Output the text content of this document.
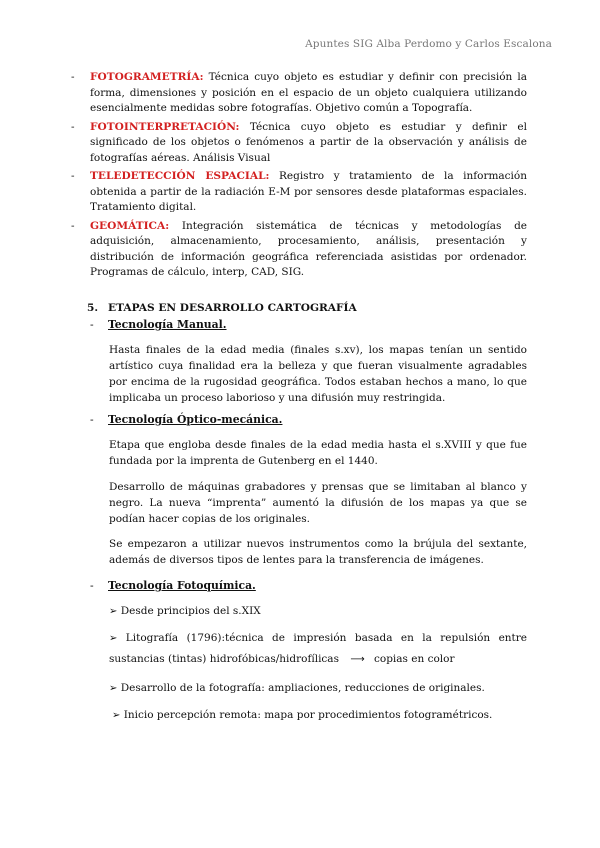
Apuntes SIG Alba Perdomo y Carlos Escalona

- FOTOGRAMETRÍA: Técnica cuyo objeto es estudiar y definir con precisión la forma, dimensiones y posición en el espacio de un objeto cualquiera utilizando esencialmente medidas sobre fotografías. Objetivo común a Topografía.

- FOTOINTERPRETACIÓN: Técnica cuyo objeto es estudiar y definir el significado de los objetos o fenómenos a partir de la observación y análisis de fotografías aéreas. Análisis Visual

- TELEDETECCIÓN ESPACIAL: Registro y tratamiento de la información obtenida a partir de la radiación E-M por sensores desde plataformas espaciales. Tratamiento digital.

- GEOMÁTICA: Integración sistemática de técnicas y metodologías de adquisición, almacenamiento, procesamiento, análisis, presentación y distribución de información geográfica referenciada asistidas por ordenador. Programas de cálculo, interp, CAD, SIG.

5. ETAPAS EN DESARROLLO CARTOGRAFÍA
- Tecnología Manual.

Hasta finales de la edad media (finales s.xv), los mapas tenían un sentido artístico cuya finalidad era la belleza y que fueran visualmente agradables por encima de la rugosidad geográfica. Todos estaban hechos a mano, lo que implicaba un proceso laborioso y una difusión muy restringida.

- Tecnología Óptico-mecánica.

Etapa que engloba desde finales de la edad media hasta el s.XVIII y que fue fundada por la imprenta de Gutenberg en el 1440.

Desarrollo de máquinas grabadores y prensas que se limitaban al blanco y negro. La nueva “imprenta” aumentó la difusión de los mapas ya que se podían hacer copias de los originales.

Se empezaron a utilizar nuevos instrumentos como la brújula del sextante, además de diversos tipos de lentes para la transferencia de imágenes.

- Tecnología Fotoquímica.

➢ Desde principios del s.XIX

➢ Litografía (1796):técnica de impresión basada en la repulsión entre sustancias (tintas) hidrofóbicas/hidrofílicas ⟶ copias en color

➢ Desarrollo de la fotografía: ampliaciones, reducciones de originales.

➢ Inicio percepción remota: mapa por procedimientos fotogramétricos.
